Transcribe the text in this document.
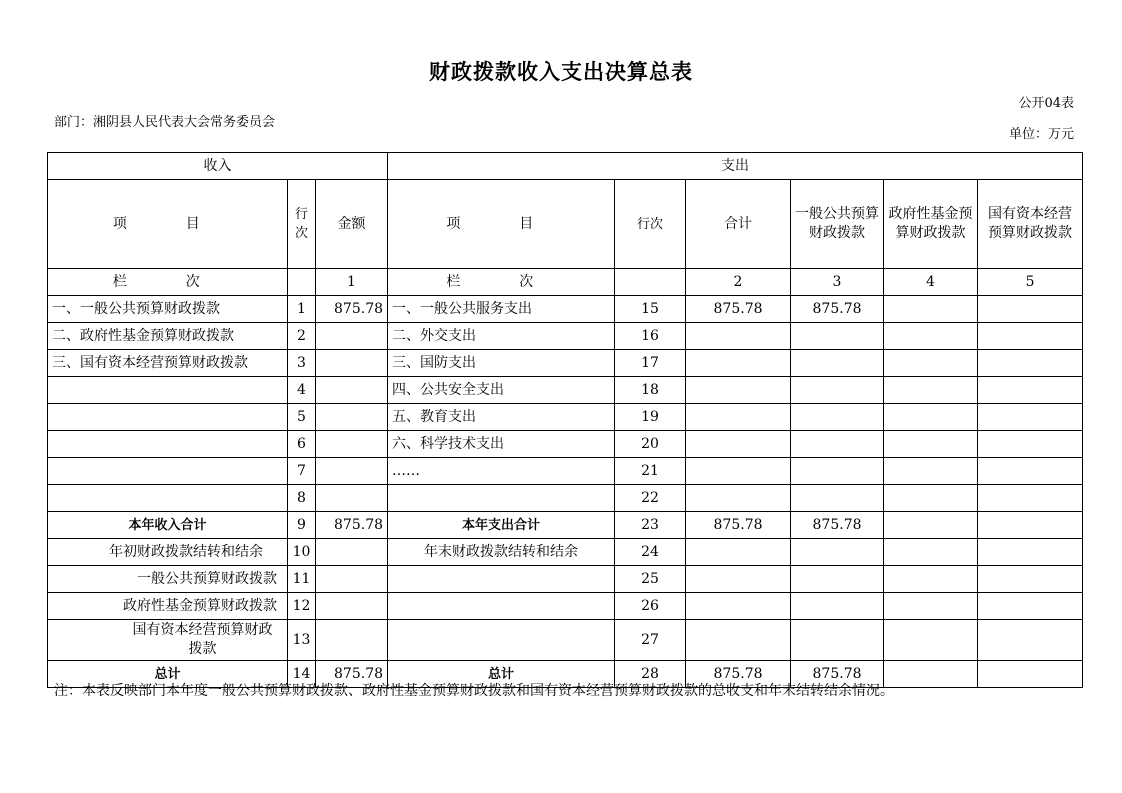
财政拨款收入支出决算总表
公开04表
部门：湘阴县人民代表大会常务委员会
单位：万元
收入			支出					
项　目	行次	金额	项　目	行次	合计	一般公共预算财政拨款	政府性基金预算财政拨款	国有资本经营预算财政拨款
栏　次		1	栏　次		2	3	4	5
一、一般公共预算财政拨款	1	875.78	一、一般公共服务支出	15	875.78	875.78		
二、政府性基金预算财政拨款	2		二、外交支出	16				
三、国有资本经营预算财政拨款	3		三、国防支出	17				
	4		四、公共安全支出	18				
	5		五、教育支出	19				
	6		六、科学技术支出	20				
	7		……	21				
	8			22				
本年收入合计	9	875.78	本年支出合计	23	875.78	875.78		
年初财政拨款结转和结余	10		年末财政拨款结转和结余	24				
一般公共预算财政拨款	11			25				
政府性基金预算财政拨款	12			26				
国有资本经营预算财政拨款	13			27				
总计	14	875.78	总计	28	875.78	875.78		
注：本表反映部门本年度一般公共预算财政拨款、政府性基金预算财政拨款和国有资本经营预算财政拨款的总收支和年末结转结余情况。
